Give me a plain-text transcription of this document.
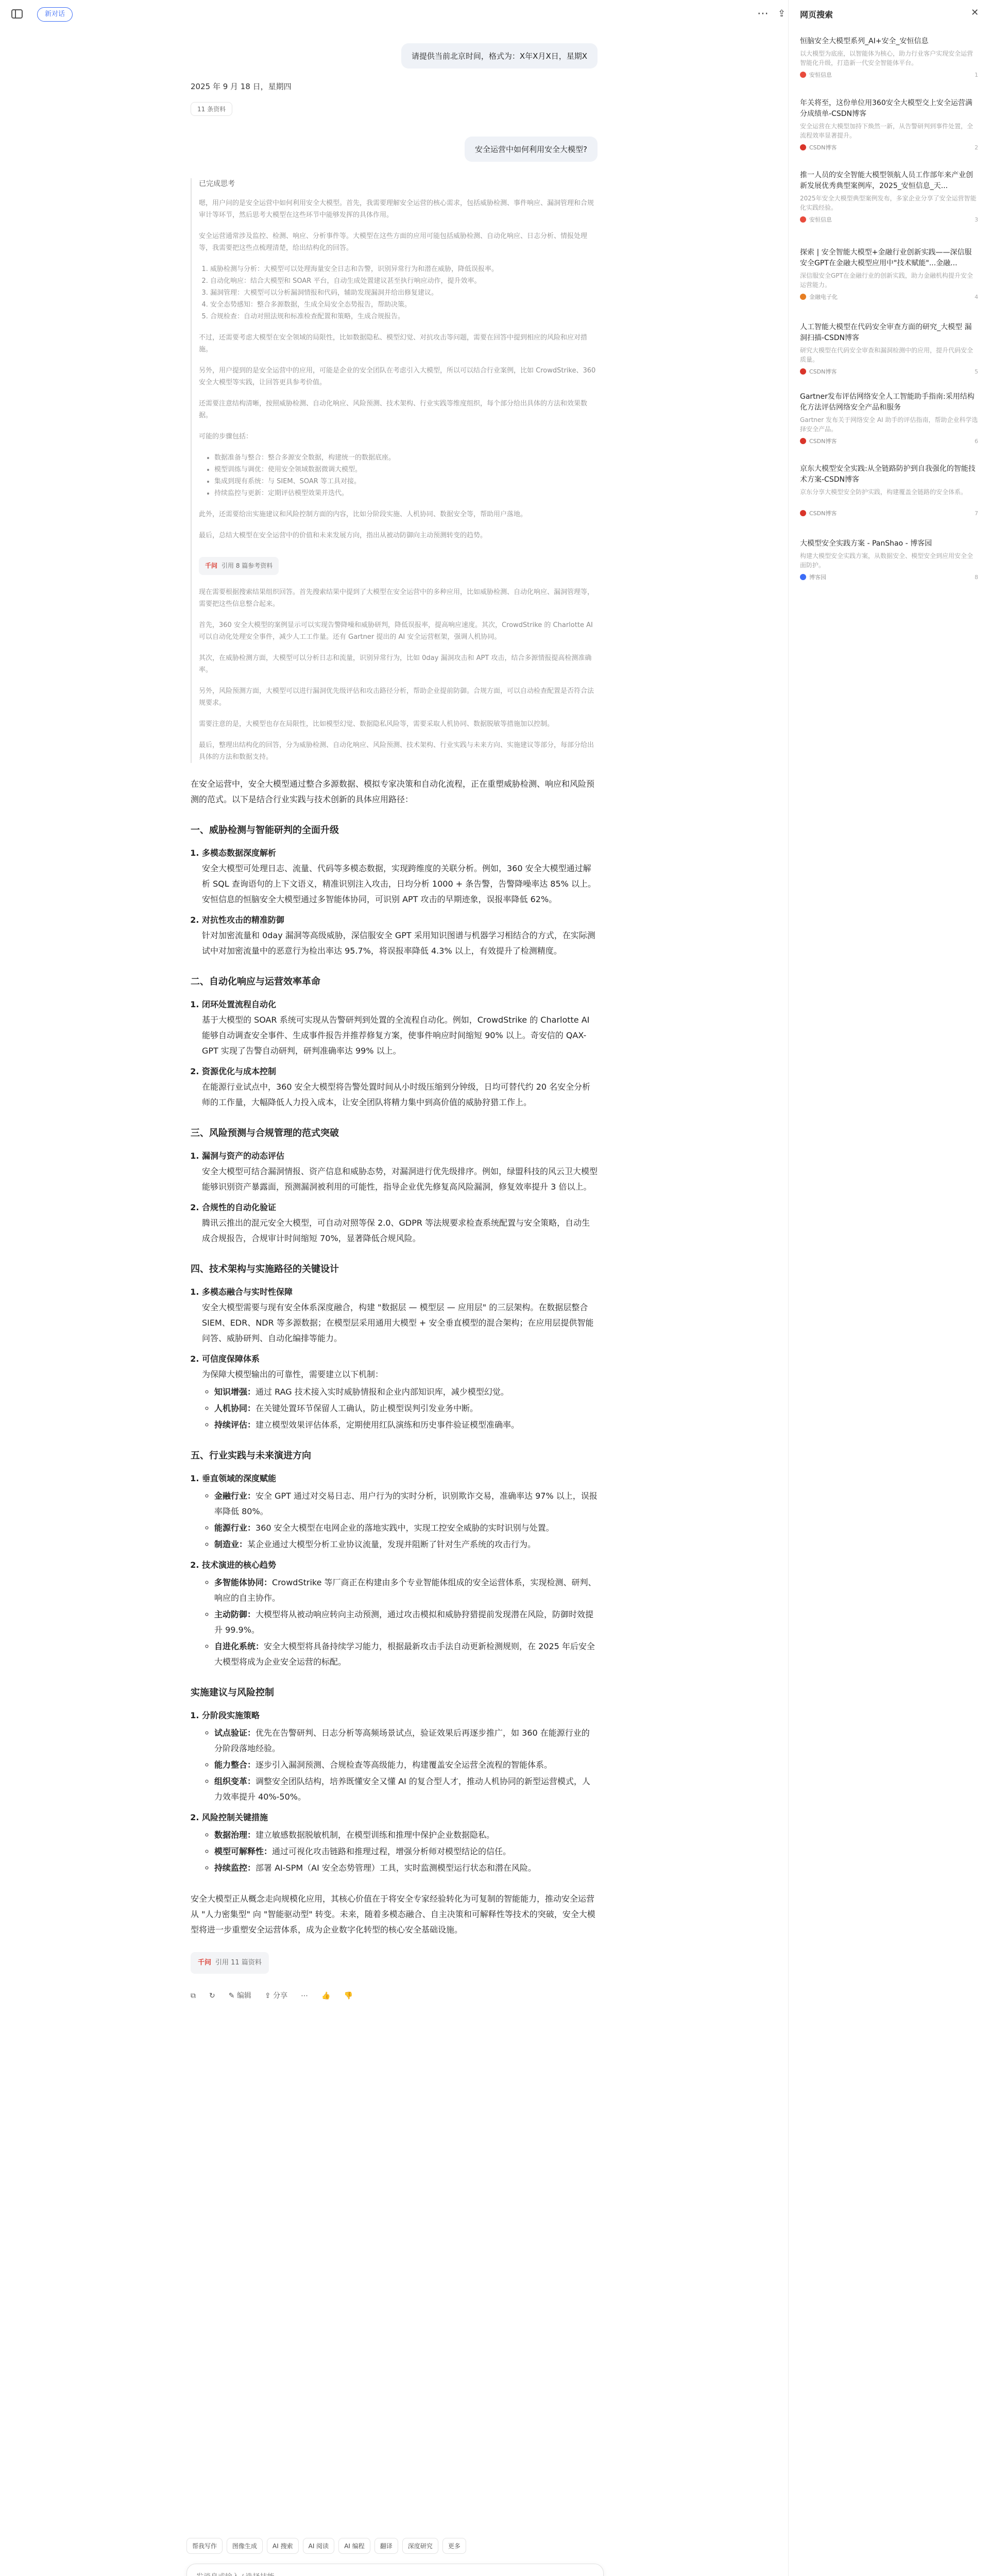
新对话	⋯ ⇪
请提供当前北京时间，格式为：X年X月X日，星期X
2025 年 9 月 18 日，星期四
11 条资料
安全运营中如何利用安全大模型?
已完成思考

嗯，用户问的是安全运营中如何利用安全大模型。首先，我需要理解安全运营的核心需求，包括威胁检测、事件响应、漏洞管理和合规审计等环节，然后思考大模型在这些环节中能够发挥的具体作用。

安全运营通常涉及监控、检测、响应、分析事件等。大模型在这些方面的应用可能包括威胁检测、自动化响应、日志分析、情报处理等，我需要把这些点梳理清楚，给出结构化的回答。

1. 威胁检测与分析：大模型可以处理海量安全日志和告警，识别异常行为和潜在威胁，降低误报率。
2. 自动化响应：结合大模型和 SOAR 平台，自动生成处置建议甚至执行响应动作，提升效率。
3. 漏洞管理：大模型可以分析漏洞情报和代码，辅助发现漏洞并给出修复建议。
4. 安全态势感知：整合多源数据，生成全局安全态势报告，帮助决策。
5. 合规检查：自动对照法规和标准检查配置和策略，生成合规报告。

不过，还需要考虑大模型在安全领域的局限性，比如数据隐私、模型幻觉、对抗攻击等问题，需要在回答中提到相应的风险和应对措施。

另外，用户提到的是安全运营中的应用，可能是企业的安全团队在考虑引入大模型，所以可以结合行业案例，比如 CrowdStrike、360 安全大模型等实践，让回答更具参考价值。

还需要注意结构清晰，按照威胁检测、自动化响应、风险预测、技术架构、行业实践等维度组织，每个部分给出具体的方法和效果数据。

可能的步骤包括：

• 数据准备与整合：整合多源安全数据，构建统一的数据底座。
• 模型训练与调优：使用安全领域数据微调大模型。
• 集成到现有系统：与 SIEM、SOAR 等工具对接。
• 持续监控与更新：定期评估模型效果并迭代。

此外，还需要给出实施建议和风险控制方面的内容，比如分阶段实施、人机协同、数据安全等，帮助用户落地。

最后，总结大模型在安全运营中的价值和未来发展方向，指出从被动防御向主动预测转变的趋势。

千问 引用 8 篇参考资料

现在需要根据搜索结果组织回答。首先搜索结果中提到了大模型在安全运营中的多种应用，比如威胁检测、自动化响应、漏洞管理等，需要把这些信息整合起来。

首先，360 安全大模型的案例显示可以实现告警降噪和威胁研判，降低误报率，提高响应速度。其次，CrowdStrike 的 Charlotte AI 可以自动化处理安全事件，减少人工工作量。还有 Gartner 提出的 AI 安全运营框架，强调人机协同。

其次，在威胁检测方面，大模型可以分析日志和流量，识别异常行为，比如 0day 漏洞攻击和 APT 攻击，结合多源情报提高检测准确率。

另外，风险预测方面，大模型可以进行漏洞优先级评估和攻击路径分析，帮助企业提前防御。合规方面，可以自动检查配置是否符合法规要求。

需要注意的是，大模型也存在局限性，比如模型幻觉、数据隐私风险等，需要采取人机协同、数据脱敏等措施加以控制。

最后，整理出结构化的回答，分为威胁检测、自动化响应、风险预测、技术架构、行业实践与未来方向、实施建议等部分，每部分给出具体的方法和数据支持。

在安全运营中，安全大模型通过整合多源数据、模拟专家决策和自动化流程，正在重塑威胁检测、响应和风险预测的范式。以下是结合行业实践与技术创新的具体应用路径：

一、威胁检测与智能研判的全面升级
1. 多模态数据深度解析
安全大模型可处理日志、流量、代码等多模态数据，实现跨维度的关联分析。例如，360 安全大模型通过解析 SQL 查询语句的上下文语义，精准识别注入攻击，日均分析 1000 + 条告警，告警降噪率达 85% 以上。安恒信息的恒脑安全大模型通过多智能体协同，可识别 APT 攻击的早期迹象，误报率降低 62%。
2. 对抗性攻击的精准防御
针对加密流量和 0day 漏洞等高级威胁，深信服安全 GPT 采用知识图谱与机器学习相结合的方式，在实际测试中对加密流量中的恶意行为检出率达 95.7%，将误报率降低 4.3% 以上，有效提升了检测精度。
二、自动化响应与运营效率革命
1. 闭环处置流程自动化
基于大模型的 SOAR 系统可实现从告警研判到处置的全流程自动化。例如，CrowdStrike 的 Charlotte AI 能够自动调查安全事件、生成事件报告并推荐修复方案，使事件响应时间缩短 90% 以上。奇安信的 QAX-GPT 实现了告警自动研判，研判准确率达 99% 以上。
2. 资源优化与成本控制
在能源行业试点中，360 安全大模型将告警处置时间从小时级压缩到分钟级，日均可替代约 20 名安全分析师的工作量，大幅降低人力投入成本，让安全团队将精力集中到高价值的威胁狩猎工作上。
三、风险预测与合规管理的范式突破
1. 漏洞与资产的动态评估
安全大模型可结合漏洞情报、资产信息和威胁态势，对漏洞进行优先级排序。例如，绿盟科技的风云卫大模型能够识别资产暴露面，预测漏洞被利用的可能性，指导企业优先修复高风险漏洞，修复效率提升 3 倍以上。
2. 合规性的自动化验证
腾讯云推出的混元安全大模型，可自动对照等保 2.0、GDPR 等法规要求检查系统配置与安全策略，自动生成合规报告，合规审计时间缩短 70%，显著降低合规风险。
四、技术架构与实施路径的关键设计
1. 多模态融合与实时性保障
安全大模型需要与现有安全体系深度融合，构建 "数据层 — 模型层 — 应用层" 的三层架构。在数据层整合 SIEM、EDR、NDR 等多源数据；在模型层采用通用大模型 + 安全垂直模型的混合架构；在应用层提供智能问答、威胁研判、自动化编排等能力。
2. 可信度保障体系
为保障大模型输出的可靠性，需要建立以下机制：
◦ 知识增强：通过 RAG 技术接入实时威胁情报和企业内部知识库，减少模型幻觉。
◦ 人机协同：在关键处置环节保留人工确认，防止模型误判引发业务中断。
◦ 持续评估：建立模型效果评估体系，定期使用红队演练和历史事件验证模型准确率。
五、行业实践与未来演进方向
1. 垂直领域的深度赋能
◦ 金融行业：安全 GPT 通过对交易日志、用户行为的实时分析，识别欺诈交易，准确率达 97% 以上，误报率降低 80%。
◦ 能源行业：360 安全大模型在电网企业的落地实践中，实现工控安全威胁的实时识别与处置。
◦ 制造业：某企业通过大模型分析工业协议流量，发现并阻断了针对生产系统的攻击行为。
2. 技术演进的核心趋势
◦ 多智能体协同：CrowdStrike 等厂商正在构建由多个专业智能体组成的安全运营体系，实现检测、研判、响应的自主协作。
◦ 主动防御：大模型将从被动响应转向主动预测，通过攻击模拟和威胁狩猎提前发现潜在风险，防御时效提升 99.9%。
◦ 自进化系统：安全大模型将具备持续学习能力，根据最新攻击手法自动更新检测规则，在 2025 年后安全大模型将成为企业安全运营的标配。
实施建议与风险控制
1. 分阶段实施策略
◦ 试点验证：优先在告警研判、日志分析等高频场景试点，验证效果后再逐步推广，如 360 在能源行业的分阶段落地经验。
◦ 能力整合：逐步引入漏洞预测、合规检查等高级能力，构建覆盖安全运营全流程的智能体系。
◦ 组织变革：调整安全团队结构，培养既懂安全又懂 AI 的复合型人才，推动人机协同的新型运营模式，人力效率提升 40%-50%。
2. 风险控制关键措施
◦ 数据治理：建立敏感数据脱敏机制，在模型训练和推理中保护企业数据隐私。
◦ 模型可解释性：通过可视化攻击链路和推理过程，增强分析师对模型结论的信任。
◦ 持续监控：部署 AI-SPM（AI 安全态势管理）工具，实时监测模型运行状态和潜在风险。

安全大模型正从概念走向规模化应用，其核心价值在于将安全专家经验转化为可复制的智能能力，推动安全运营从 "人力密集型" 向 "智能驱动型" 转变。未来，随着多模态融合、自主决策和可解释性等技术的突破，安全大模型将进一步重塑安全运营体系，成为企业数字化转型的核心安全基础设施。

千问 引用 11 篇资料
⧉ ↻ ✎ 编辑 ⇪ 分享 ⋯ 👍 👎
帮我写作	图像生成	AI 搜索	AI 阅读	AI 编程	翻译	深度研究	更多
发消息或输入 / 选择技能
网页搜索	✕
恒脑安全大模型系列_AI+安全_安恒信息
以大模型为底座，以智能体为核心，助力行业客户实现安全运营智能化升级，打造新一代安全智能体平台。
安恒信息	1
年关将至，这份单位用360安全大模型交上安全运营满分成绩单-CSDN博客
安全运营在大模型加持下焕然一新，从告警研判到事件处置，全流程效率显著提升。
CSDN博客	2
推一人员的安全智能大模型领航人员工作部年来产业创新发展优秀典型案例库，2025_安恒信息_天...
2025年安全大模型典型案例发布，多家企业分享了安全运营智能化实践经验。
安恒信息	3
探索 | 安全智能大模型+金融行业创新实践——深信服安全GPT在金融大模型应用中"技术赋能"...金融...
深信服安全GPT在金融行业的创新实践，助力金融机构提升安全运营能力。
金融电子化	4
人工智能大模型在代码安全审查方面的研究_大模型 漏洞扫描-CSDN博客
研究大模型在代码安全审查和漏洞检测中的应用，提升代码安全质量。
CSDN博客	5
Gartner发布评估网络安全人工智能助手指南:采用结构化方法评估网络安全产品和服务
Gartner 发布关于网络安全 AI 助手的评估指南，帮助企业科学选择安全产品。
CSDN博客	6
京东大模型安全实践:从全链路防护到自我强化的智能技术方案-CSDN博客
京东分享大模型安全防护实践，构建覆盖全链路的安全体系。
CSDN博客	7
大模型安全实践方案 - PanShao - 博客园
构建大模型安全实践方案，从数据安全、模型安全到应用安全全面防护。
博客园	8
